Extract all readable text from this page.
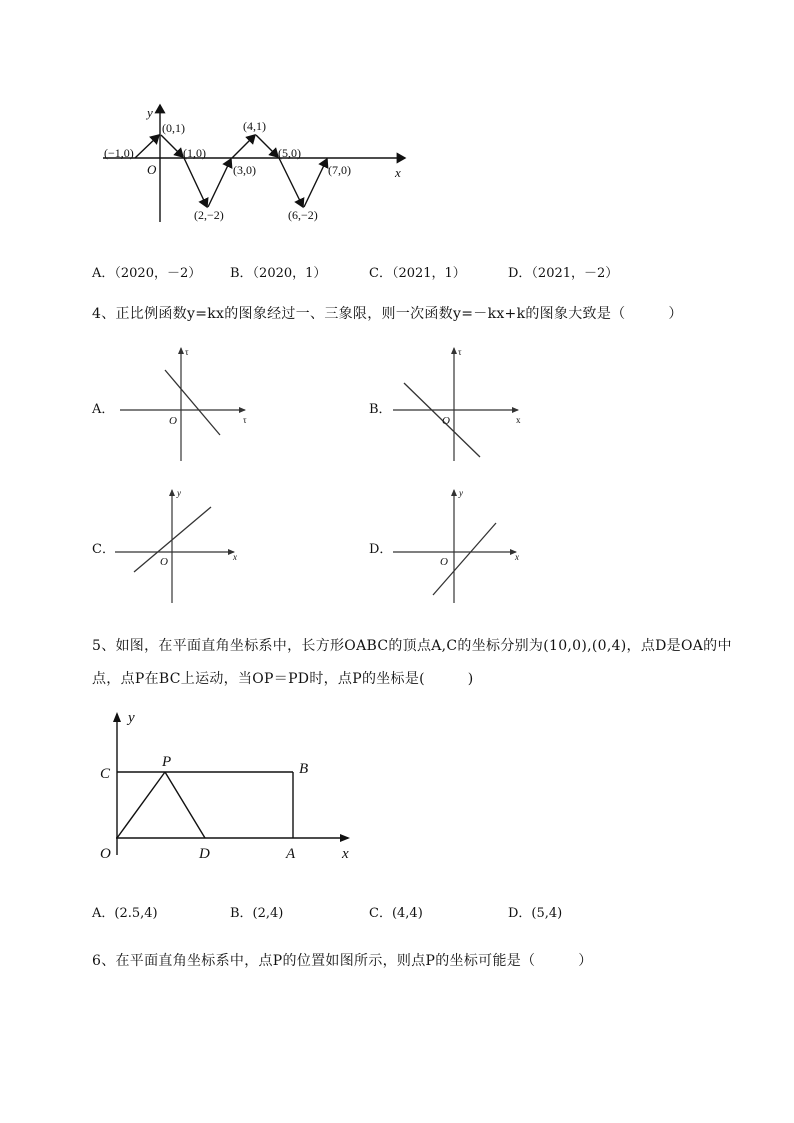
y
x
O
(−1,0)
(0,1)
(1,0)
(2,−2)
(3,0)
(4,1)
(5,0)
(6,−2)
(7,0)
A．（2020，－2） B．（2020，1）	C．（2021，1）	D．（2021，－2）
4、正比例函数y=kx的图象经过一、三象限，则一次函数y=－kx+k的图象大致是（　　　）
A．
O	τ
τ
B．
O	x
τ
C．
O	x
y
D．
O	x
y
5、如图，在平面直角坐标系中，长方形OABC的顶点A,C的坐标分别为(10,0),(0,4)，点D是OA的中
点，点P在BC上运动，当OP＝PD时，点P的坐标是(　　　)
y
x
O
C
P	B
D	A
A．(2.5,4)	B．(2,4)	C．(4,4)	D．(5,4)
6、在平面直角坐标系中，点P的位置如图所示，则点P的坐标可能是（　　　）
